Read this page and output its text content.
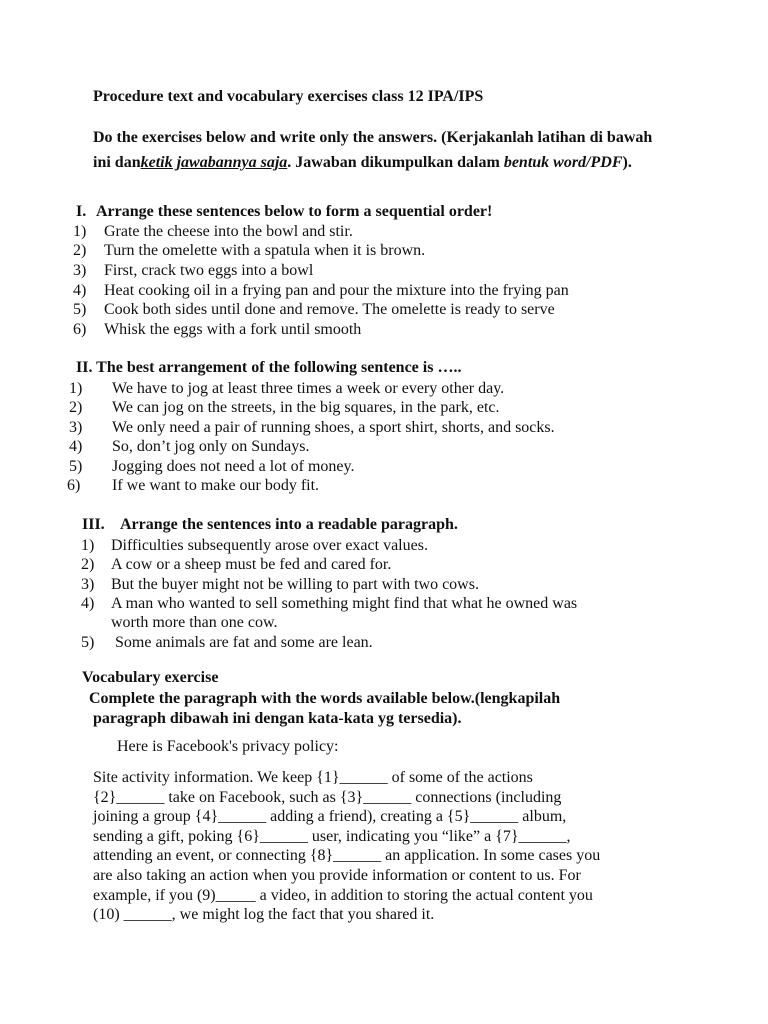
Procedure text and vocabulary exercises class 12 IPA/IPS
Do the exercises below and write only the answers. (Kerjakanlah latihan di bawah ini danketik jawabannya saja. Jawaban dikumpulkan dalam bentuk word/PDF).
I. Arrange these sentences below to form a sequential order!
1) Grate the cheese into the bowl and stir.
2) Turn the omelette with a spatula when it is brown.
3) First, crack two eggs into a bowl
4) Heat cooking oil in a frying pan and pour the mixture into the frying pan
5) Cook both sides until done and remove. The omelette is ready to serve
6) Whisk the eggs with a fork until smooth
II. The best arrangement of the following sentence is …..
1) We have to jog at least three times a week or every other day.
2) We can jog on the streets, in the big squares, in the park, etc.
3) We only need a pair of running shoes, a sport shirt, shorts, and socks.
4) So, don’t jog only on Sundays.
5) Jogging does not need a lot of money.
6) If we want to make our body fit.
III. Arrange the sentences into a readable paragraph.
1) Difficulties subsequently arose over exact values.
2) A cow or a sheep must be fed and cared for.
3) But the buyer might not be willing to part with two cows.
4) A man who wanted to sell something might find that what he owned was
worth more than one cow.
5) Some animals are fat and some are lean.
Vocabulary exercise
Complete the paragraph with the words available below.(lengkapilah
paragraph dibawah ini dengan kata-kata yg tersedia).
Here is Facebook's privacy policy:
Site activity information. We keep {1}______ of some of the actions
{2}______ take on Facebook, such as {3}______ connections (including
joining a group {4}______ adding a friend), creating a {5}______ album,
sending a gift, poking {6}______ user, indicating you “like” a {7}______,
attending an event, or connecting {8}______ an application. In some cases you
are also taking an action when you provide information or content to us. For
example, if you (9)_____ a video, in addition to storing the actual content you
(10) ______, we might log the fact that you shared it.
